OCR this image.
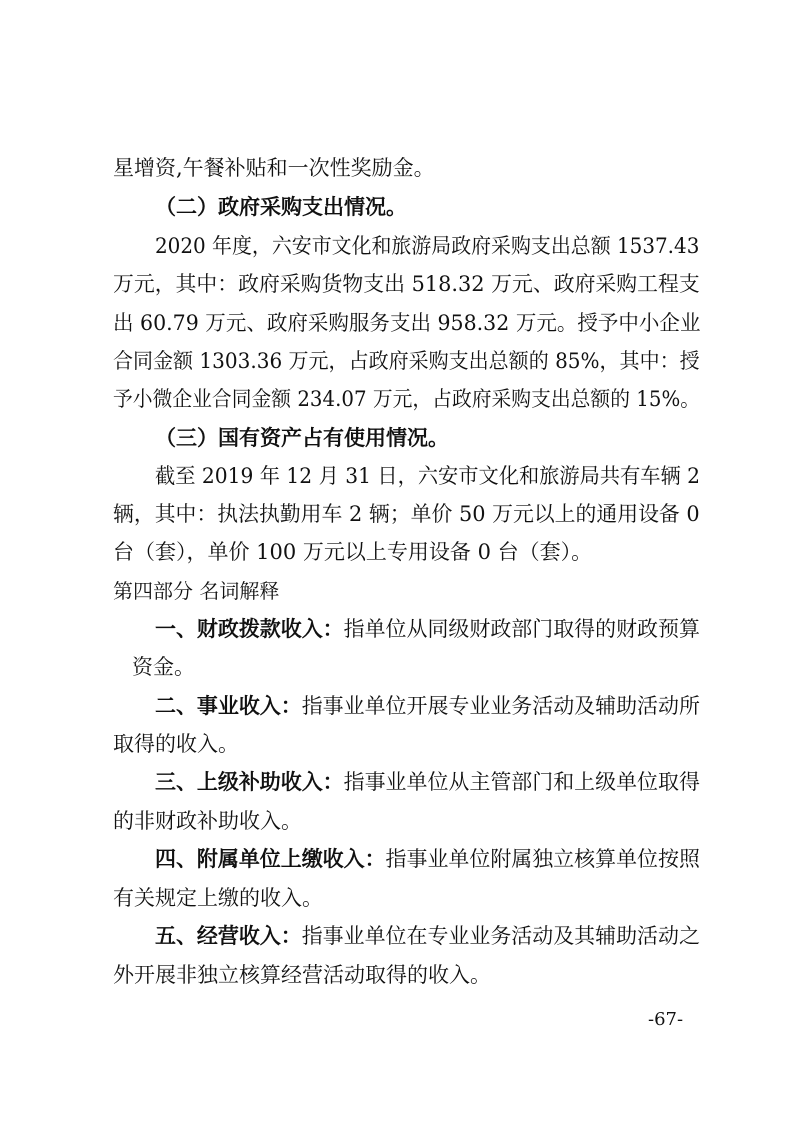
星增资,午餐补贴和一次性奖励金。
（二）政府采购支出情况。
2020 年度，六安市文化和旅游局政府采购支出总额 1537.43
万元，其中：政府采购货物支出 518.32 万元、政府采购工程支
出 60.79 万元、政府采购服务支出 958.32 万元。授予中小企业
合同金额 1303.36 万元，占政府采购支出总额的 85%，其中：授
予小微企业合同金额 234.07 万元，占政府采购支出总额的 15%。
（三）国有资产占有使用情况。
截至 2019 年 12 月 31 日，六安市文化和旅游局共有车辆 2
辆，其中：执法执勤用车 2 辆；单价 50 万元以上的通用设备 0
台（套），单价 100 万元以上专用设备 0 台（套）。
第四部分 名词解释
一、财政拨款收入：指单位从同级财政部门取得的财政预算
资金。
二、事业收入：指事业单位开展专业业务活动及辅助活动所
取得的收入。
三、上级补助收入：指事业单位从主管部门和上级单位取得
的非财政补助收入。
四、附属单位上缴收入：指事业单位附属独立核算单位按照
有关规定上缴的收入。
五、经营收入：指事业单位在专业业务活动及其辅助活动之
外开展非独立核算经营活动取得的收入。
-67-
